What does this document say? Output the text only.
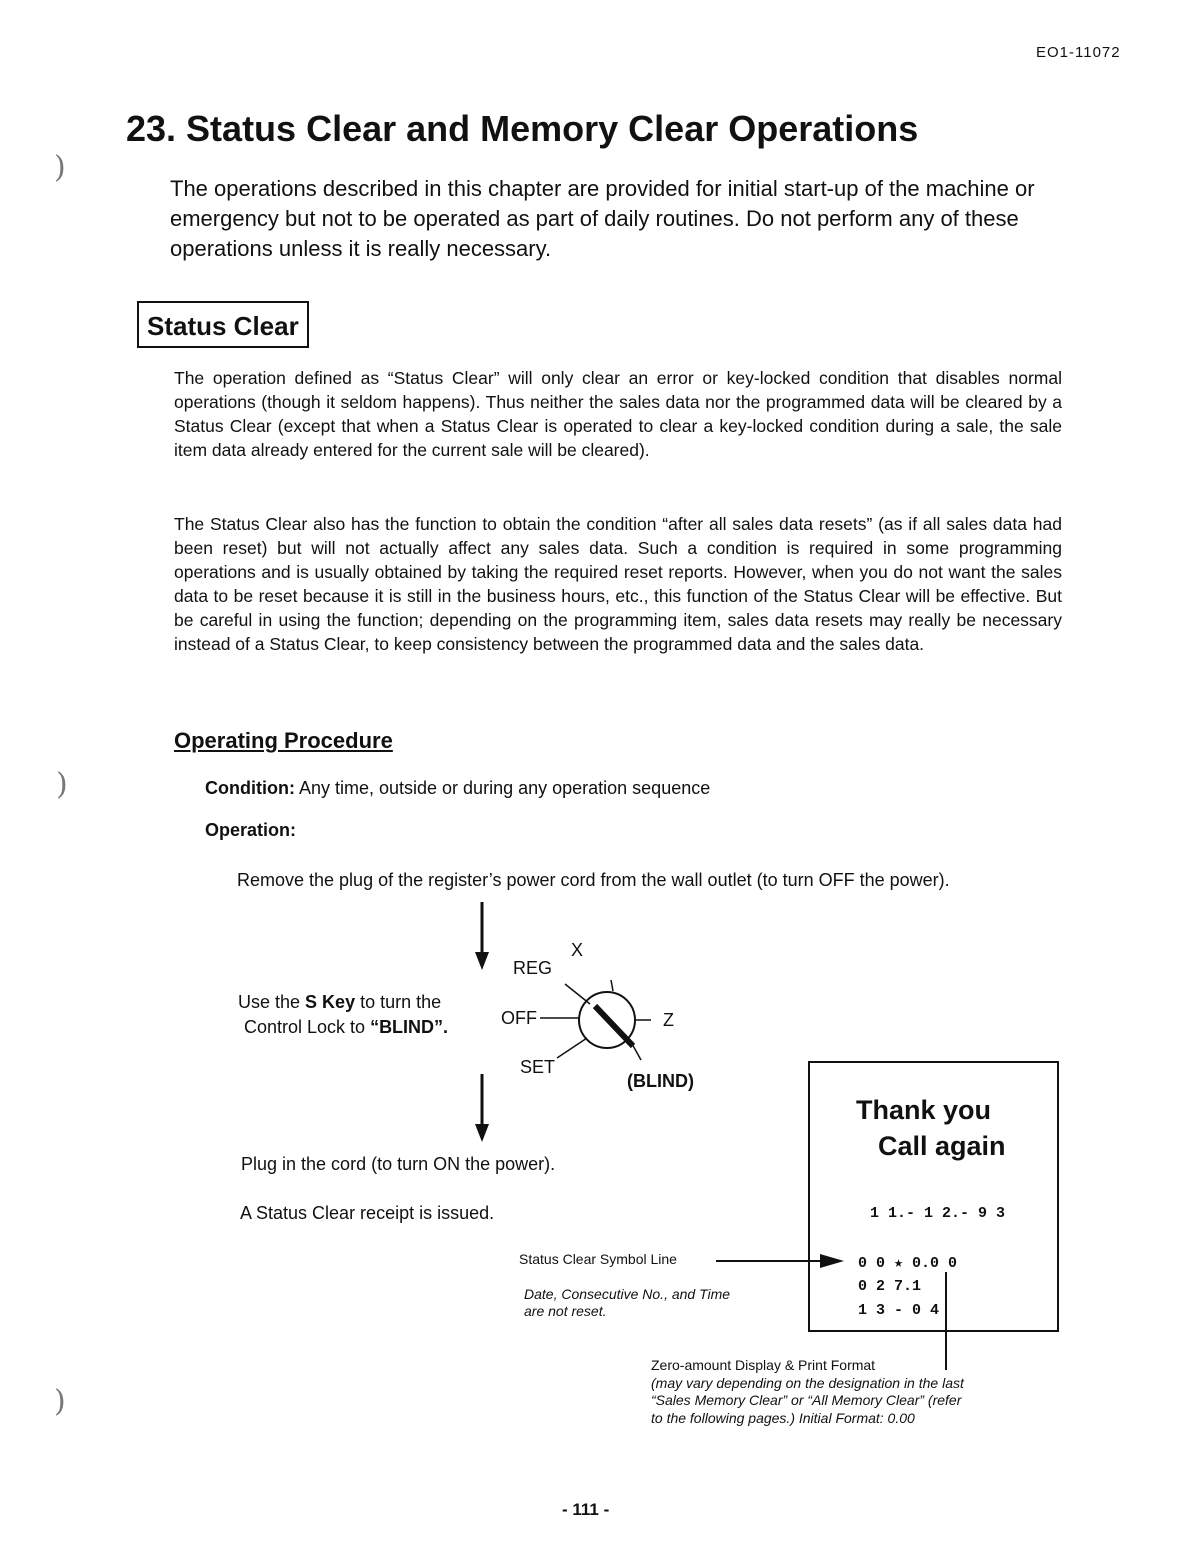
)
)
)
EO1-11072
23. Status Clear and Memory Clear Operations
The operations described in this chapter are provided for initial start-up of the machine or emergency but not to be operated as part of daily routines. Do not perform any of these operations unless it is really necessary.
Status Clear
The operation defined as “Status Clear” will only clear an error or key-locked condition that disables normal operations (though it seldom happens). Thus neither the sales data nor the programmed data will be cleared by a Status Clear (except that when a Status Clear is operated to clear a key-locked condition during a sale, the sale item data already entered for the current sale will be cleared).
The Status Clear also has the function to obtain the condition “after all sales data resets” (as if all sales data had been reset) but will not actually affect any sales data. Such a condition is required in some programming operations and is usually obtained by taking the required reset reports. However, when you do not want the sales data to be reset because it is still in the business hours, etc., this function of the Status Clear will be effective. But be careful in using the function; depending on the programming item, sales data resets may really be necessary instead of a Status Clear, to keep consistency between the programmed data and the sales data.
Operating Procedure
Condition: Any time, outside or during any operation sequence
Operation:
Remove the plug of the register’s power cord from the wall outlet (to turn OFF the power).
Use the S Key to turn the
Control Lock to “BLIND”.
Plug in the cord (to turn ON the power).
A Status Clear receipt is issued.
X
REG
OFF	Z
SET
(BLIND)
Thank you
Call again
1 1.- 1 2.- 9 3
0 0 ★ 0.0 0
0 2 7.1
1 3 - 0 4
Status Clear Symbol Line
Date, Consecutive No., and Time
are not reset.
Zero-amount Display & Print Format
(may vary depending on the designation in the last
“Sales Memory Clear” or “All Memory Clear” (refer
to the following pages.) Initial Format: 0.00
- 111 -
